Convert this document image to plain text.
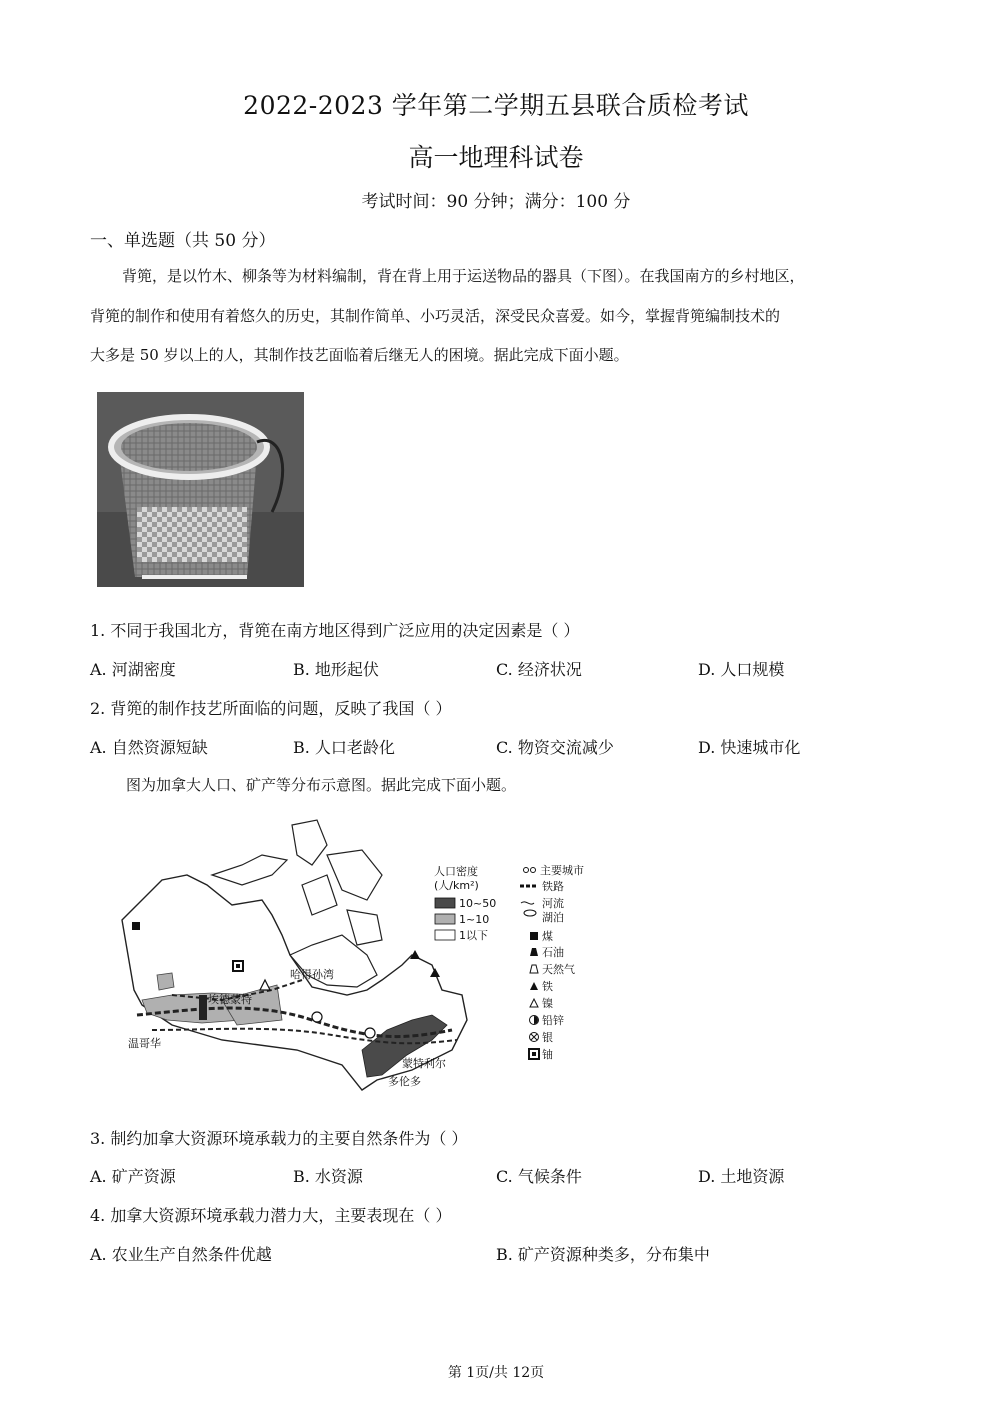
2022-2023 学年第二学期五县联合质检考试
高一地理科试卷
考试时间：90 分钟；满分：100 分
一、单选题（共 50 分）
背篼，是以竹木、柳条等为材料编制，背在背上用于运送物品的器具（下图）。在我国南方的乡村地区，
背篼的制作和使用有着悠久的历史，其制作简单、小巧灵活，深受民众喜爱。如今，掌握背篼编制技术的
大多是 50 岁以上的人，其制作技艺面临着后继无人的困境。据此完成下面小题。
1. 不同于我国北方，背篼在南方地区得到广泛应用的决定因素是（ ）
A. 河湖密度	B. 地形起伏	C. 经济状况	D. 人口规模
2. 背篼的制作技艺所面临的问题，反映了我国（ ）
A. 自然资源短缺	B. 人口老龄化	C. 物资交流减少	D. 快速城市化
图为加拿大人口、矿产等分布示意图。据此完成下面小题。
哈得孙湾
埃德蒙特
温哥华
蒙特利尔
多伦多
人口密度
(人/km²)
10~50
1~10
1以下
主要城市
铁路
河流
湖泊
煤
石油
天然气
铁
镍
铅锌
银
铀
3. 制约加拿大资源环境承载力的主要自然条件为（ ）
A. 矿产资源	B. 水资源	C. 气候条件	D. 土地资源
4. 加拿大资源环境承载力潜力大，主要表现在（ ）
A. 农业生产自然条件优越	B. 矿产资源种类多，分布集中
第 1页/共 12页
